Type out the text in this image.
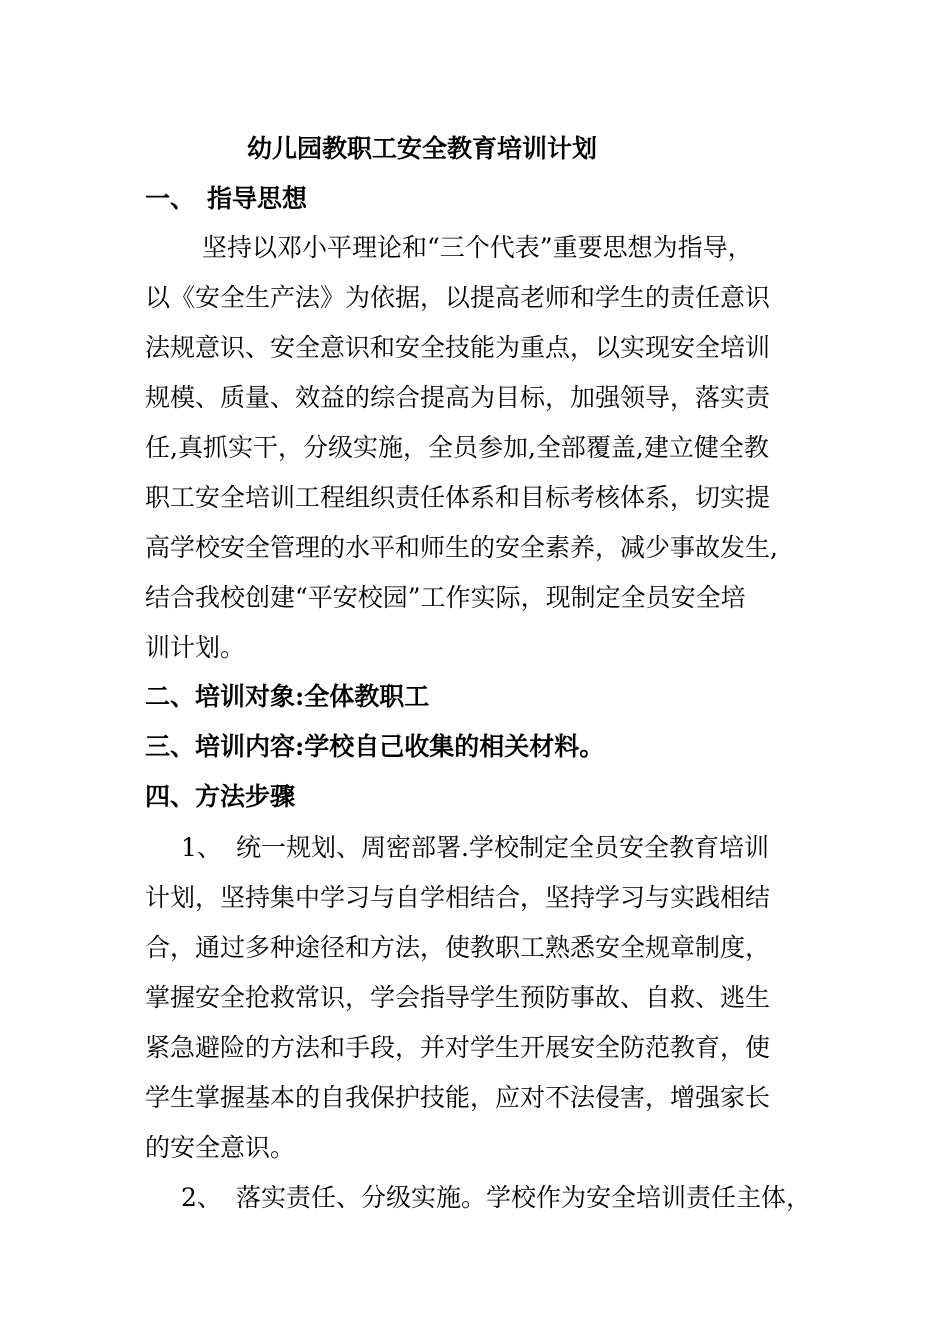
幼儿园教职工安全教育培训计划
一、 指导思想
坚持以邓小平理论和“三个代表”重要思想为指导，
以《安全生产法》为依据，以提高老师和学生的责任意识
法规意识、安全意识和安全技能为重点，以实现安全培训
规模、质量、效益的综合提高为目标，加强领导，落实责
任,真抓实干，分级实施，全员参加,全部覆盖,建立健全教
职工安全培训工程组织责任体系和目标考核体系，切实提
高学校安全管理的水平和师生的安全素养，减少事故发生,
结合我校创建“平安校园”工作实际，现制定全员安全培
训计划。
二、培训对象:全体教职工
三、培训内容:学校自己收集的相关材料。
四、方法步骤
1、 统一规划、周密部署.学校制定全员安全教育培训
计划，坚持集中学习与自学相结合，坚持学习与实践相结
合，通过多种途径和方法，使教职工熟悉安全规章制度，
掌握安全抢救常识，学会指导学生预防事故、自救、逃生
紧急避险的方法和手段，并对学生开展安全防范教育，使
学生掌握基本的自我保护技能，应对不法侵害，增强家长
的安全意识。
2、 落实责任、分级实施。学校作为安全培训责任主体，
